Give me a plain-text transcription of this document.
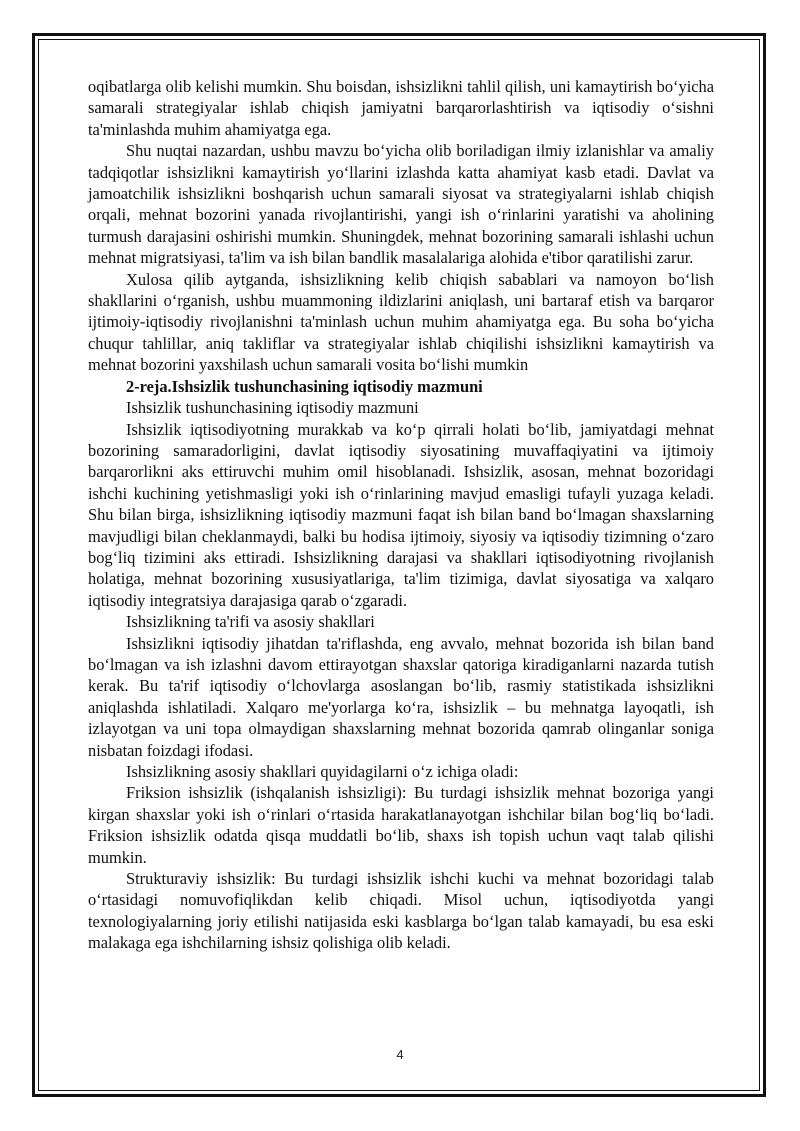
oqibatlarga olib kelishi mumkin. Shu boisdan, ishsizlikni tahlil qilish, uni kamaytirish bo‘yicha samarali strategiyalar ishlab chiqish jamiyatni barqarorlashtirish va iqtisodiy o‘sishni ta'minlashda muhim ahamiyatga ega.

Shu nuqtai nazardan, ushbu mavzu bo‘yicha olib boriladigan ilmiy izlanishlar va amaliy tadqiqotlar ishsizlikni kamaytirish yo‘llarini izlashda katta ahamiyat kasb etadi. Davlat va jamoatchilik ishsizlikni boshqarish uchun samarali siyosat va strategiyalarni ishlab chiqish orqali, mehnat bozorini yanada rivojlantirishi, yangi ish o‘rinlarini yaratishi va aholining turmush darajasini oshirishi mumkin. Shuningdek, mehnat bozorining samarali ishlashi uchun mehnat migratsiyasi, ta'lim va ish bilan bandlik masalalariga alohida e'tibor qaratilishi zarur.

Xulosa qilib aytganda, ishsizlikning kelib chiqish sabablari va namoyon bo‘lish shakllarini o‘rganish, ushbu muammoning ildizlarini aniqlash, uni bartaraf etish va barqaror ijtimoiy-iqtisodiy rivojlanishni ta'minlash uchun muhim ahamiyatga ega. Bu soha bo‘yicha chuqur tahlillar, aniq takliflar va strategiyalar ishlab chiqilishi ishsizlikni kamaytirish va mehnat bozorini yaxshilash uchun samarali vosita bo‘lishi mumkin

2-reja.Ishsizlik tushunchasining iqtisodiy mazmuni

Ishsizlik tushunchasining iqtisodiy mazmuni

Ishsizlik iqtisodiyotning murakkab va ko‘p qirrali holati bo‘lib, jamiyatdagi mehnat bozorining samaradorligini, davlat iqtisodiy siyosatining muvaffaqiyatini va ijtimoiy barqarorlikni aks ettiruvchi muhim omil hisoblanadi. Ishsizlik, asosan, mehnat bozoridagi ishchi kuchining yetishmasligi yoki ish o‘rinlarining mavjud emasligi tufayli yuzaga keladi. Shu bilan birga, ishsizlikning iqtisodiy mazmuni faqat ish bilan band bo‘lmagan shaxslarning mavjudligi bilan cheklanmaydi, balki bu hodisa ijtimoiy, siyosiy va iqtisodiy tizimning o‘zaro bog‘liq tizimini aks ettiradi. Ishsizlikning darajasi va shakllari iqtisodiyotning rivojlanish holatiga, mehnat bozorining xususiyatlariga, ta'lim tizimiga, davlat siyosatiga va xalqaro iqtisodiy integratsiya darajasiga qarab o‘zgaradi.

Ishsizlikning ta'rifi va asosiy shakllari

Ishsizlikni iqtisodiy jihatdan ta'riflashda, eng avvalo, mehnat bozorida ish bilan band bo‘lmagan va ish izlashni davom ettirayotgan shaxslar qatoriga kiradiganlarni nazarda tutish kerak. Bu ta'rif iqtisodiy o‘lchovlarga asoslangan bo‘lib, rasmiy statistikada ishsizlikni aniqlashda ishlatiladi. Xalqaro me'yorlarga ko‘ra, ishsizlik – bu mehnatga layoqatli, ish izlayotgan va uni topa olmaydigan shaxslarning mehnat bozorida qamrab olinganlar soniga nisbatan foizdagi ifodasi.

Ishsizlikning asosiy shakllari quyidagilarni o‘z ichiga oladi:

Friksion ishsizlik (ishqalanish ishsizligi): Bu turdagi ishsizlik mehnat bozoriga yangi kirgan shaxslar yoki ish o‘rinlari o‘rtasida harakatlanayotgan ishchilar bilan bog‘liq bo‘ladi. Friksion ishsizlik odatda qisqa muddatli bo‘lib, shaxs ish topish uchun vaqt talab qilishi mumkin.

Strukturaviy ishsizlik: Bu turdagi ishsizlik ishchi kuchi va mehnat bozoridagi talab o‘rtasidagi nomuvofiqlikdan kelib chiqadi. Misol uchun, iqtisodiyotda yangi texnologiyalarning joriy etilishi natijasida eski kasblarga bo‘lgan talab kamayadi, bu esa eski malakaga ega ishchilarning ishsiz qolishiga olib keladi.

4
